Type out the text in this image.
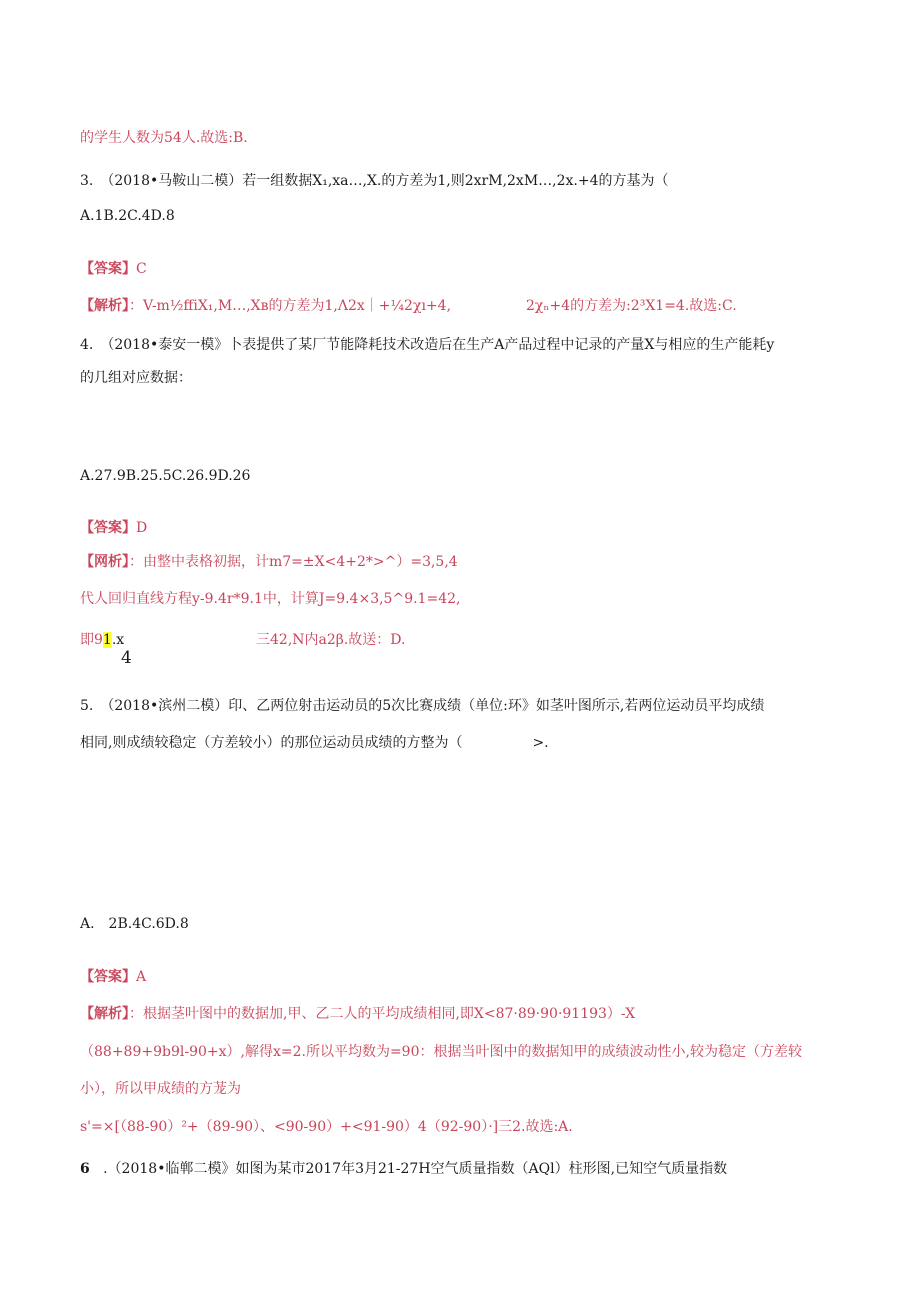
的学生人数为54人.故选:B.
3.　（2018•马鞍山二模）若一组数据X₁,xa…,X.的方差为1,则2xrM,2xM…,2x.+4的方基为（
A.1B.2C.4D.8
【答案】C
【解析】：V-m½ffiX₁,M…,Xʙ的方差为1,Λ2x｜+¼2χı+4,	2χₙ+4的方差为:2³X1=4.故选:C.
4.　（2018•泰安一模》卜表提供了某厂节能降耗技术改造后在生产A产品过程中记录的产量X与相应的生产能耗y
的几组对应数据：
A.27.9B.25.5C.26.9D.26
【答案】D
【网析】：由整中表格初据，计m7=±X<4+2*>^）=3,5,4
代人回归直线方程y-9.4r*9.1中，计算J=9.4×3,5^9.1=42,
即91.x	三42,N内a2β.故送：D.
4
5.　（2018•滨州二模）印、乙两位射击运动员的5次比赛成绩（单位:环》如茎叶图所示,若两位运动员平均成绩
相同,则成绩较稳定（方差较小）的那位运动员成绩的方整为（　　　　　>.
A. 2B.4C.6D.8
【答案】A
【解析】：根据茎叶图中的数据加,甲、乙二人的平均成绩相同,即X<87·89·90·91193）-X
（88+89+9b9l-90+x）,解得x=2.所以平均数为=90：根据当叶图中的数据知甲的成绩波动性小,较为稳定（方差较
小），所以甲成绩的方茏为
s'=×[（88-90）²+（89-90）、<90-90）+<91-90）4（92-90）·]三2.故选:A.
6 .（2018•临郸二模》如图为某市2017年3月21-27H空气质量指数（AQl）柱形图,已知空气质量指数
